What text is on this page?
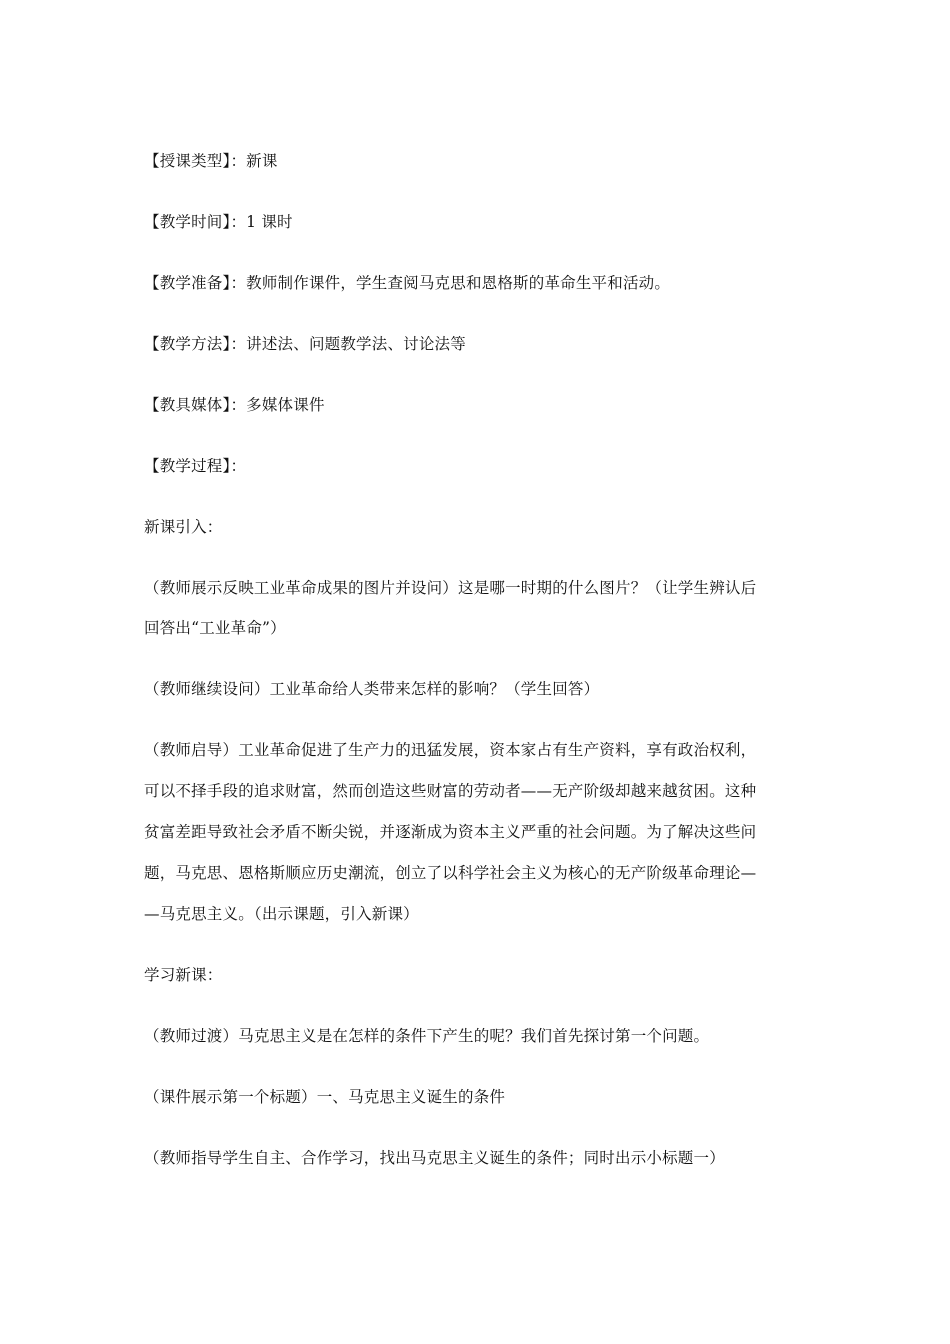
【授课类型】：新课
【教学时间】：1 课时
【教学准备】：教师制作课件，学生查阅马克思和恩格斯的革命生平和活动。
【教学方法】：讲述法、问题教学法、讨论法等
【教具媒体】：多媒体课件
【教学过程】：
新课引入：
（教师展示反映工业革命成果的图片并设问）这是哪一时期的什么图片？（让学生辨认后
回答出“工业革命”）
（教师继续设问）工业革命给人类带来怎样的影响？（学生回答）
（教师启导）工业革命促进了生产力的迅猛发展，资本家占有生产资料，享有政治权利，
可以不择手段的追求财富，然而创造这些财富的劳动者——无产阶级却越来越贫困。这种
贫富差距导致社会矛盾不断尖锐，并逐渐成为资本主义严重的社会问题。为了解决这些问
题，马克思、恩格斯顺应历史潮流，创立了以科学社会主义为核心的无产阶级革命理论—
—马克思主义。（出示课题，引入新课）
学习新课：
（教师过渡）马克思主义是在怎样的条件下产生的呢？我们首先探讨第一个问题。
（课件展示第一个标题）一、马克思主义诞生的条件
（教师指导学生自主、合作学习，找出马克思主义诞生的条件；同时出示小标题一）
